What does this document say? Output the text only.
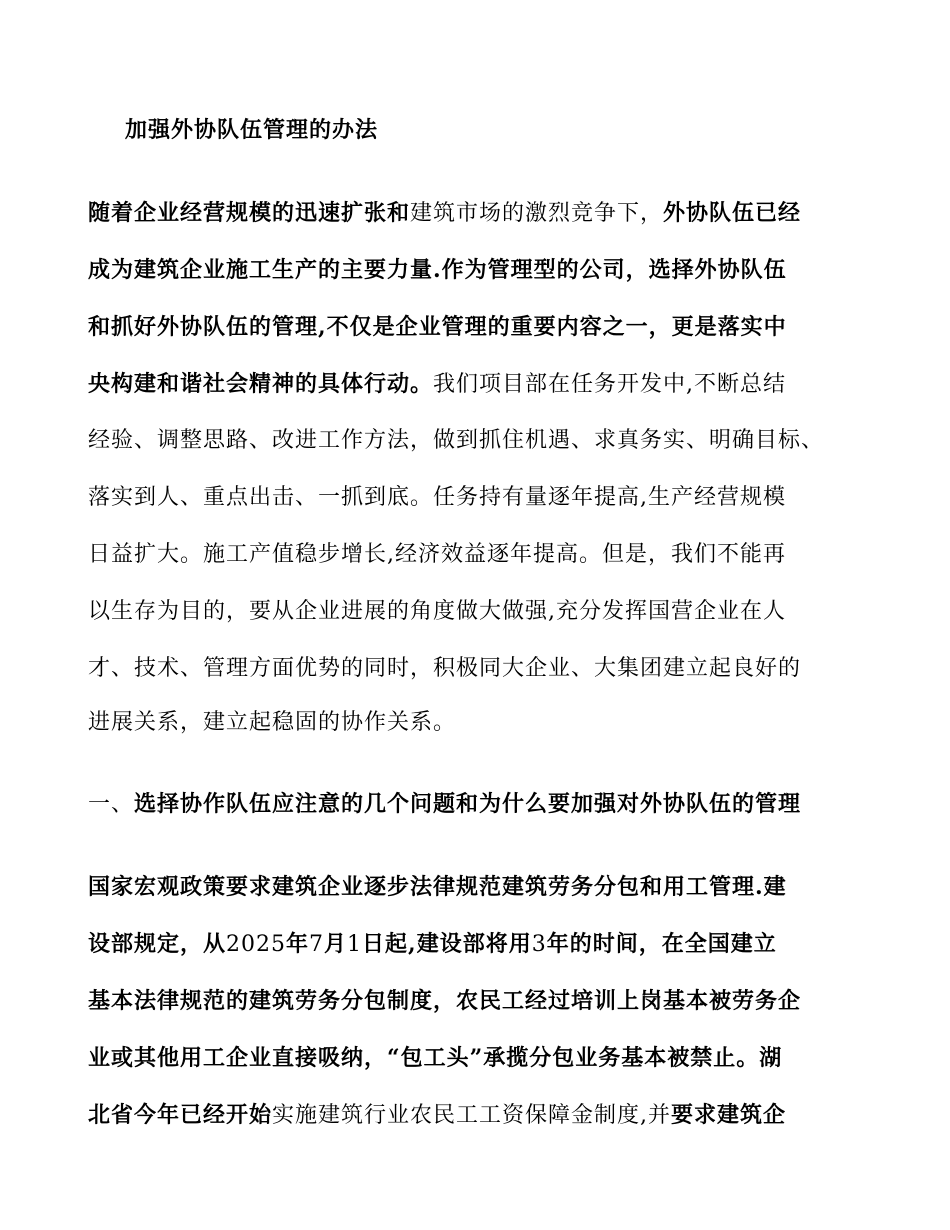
加强外协队伍管理的办法
随着企业经营规模的迅速扩张和建筑市场的激烈竞争下，外协队伍已经
成为建筑企业施工生产的主要力量.作为管理型的公司，选择外协队伍
和抓好外协队伍的管理,不仅是企业管理的重要内容之一，更是落实中
央构建和谐社会精神的具体行动。我们项目部在任务开发中,不断总结
经验、调整思路、改进工作方法，做到抓住机遇、求真务实、明确目标、
落实到人、重点出击、一抓到底。任务持有量逐年提高,生产经营规模
日益扩大。施工产值稳步增长,经济效益逐年提高。但是，我们不能再
以生存为目的，要从企业进展的角度做大做强,充分发挥国营企业在人
才、技术、管理方面优势的同时，积极同大企业、大集团建立起良好的
进展关系，建立起稳固的协作关系。
一、选择协作队伍应注意的几个问题和为什么要加强对外协队伍的管理
国家宏观政策要求建筑企业逐步法律规范建筑劳务分包和用工管理.建
设部规定，从2025年7月1日起,建设部将用3年的时间，在全国建立
基本法律规范的建筑劳务分包制度，农民工经过培训上岗基本被劳务企
业或其他用工企业直接吸纳，“包工头”承揽分包业务基本被禁止。湖
北省今年已经开始实施建筑行业农民工工资保障金制度,并要求建筑企
